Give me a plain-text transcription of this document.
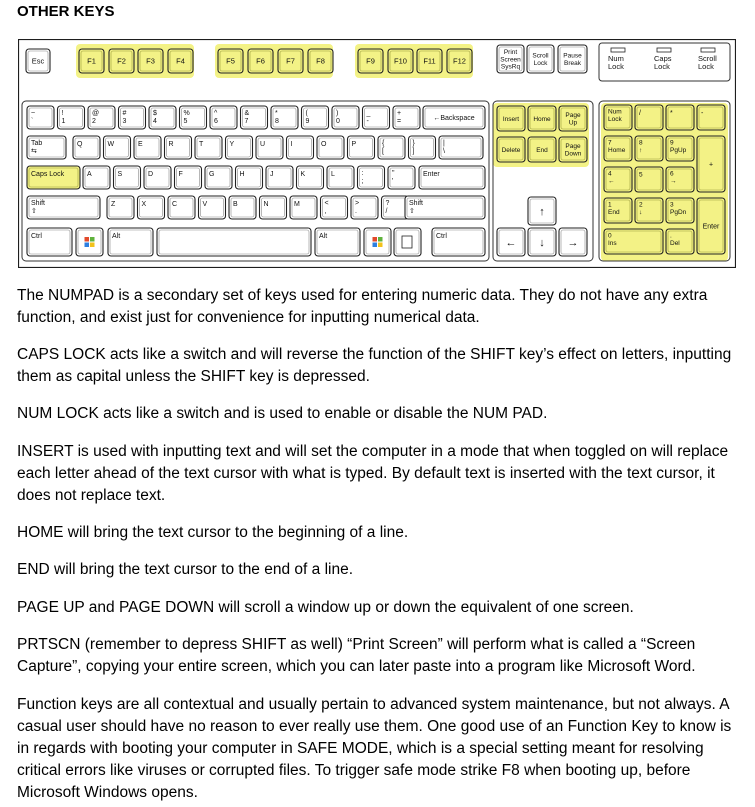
OTHER KEYS
Esc	F1	F2	F3	F4	F5	F6	F7	F8	F9	F10 F11 F12
Print
Screen
SysRq
Scroll
Lock
Pause
Break
Num
Lock
Caps
Lock
Scroll
Lock
~
`
!
1
@
2
#
3
$
4
%
5
^
6
&
7
*
8
(
9
)
0
_
-
+
=	←Backspace
Tab
⇆
Q	W	E	R	T	Y	U	I	O	P	{
[
}
]
|
\
Caps Lock	A	S	D	F	G	H	J	K	L	:
;
"
'
Enter
Shift
⇧
Z	X	C	V	B	N	M	<
,
>
.
?
/
Shift
⇧
Ctrl	Alt	Alt	Ctrl
Insert Home
Page
Up
Delete End
Page
Down
↑
← ↓ →
Num
Lock
/	*	-
7
Home
8
↑
9
PgUp
+
4
←
5	6
→
1
End
2
↓
3
PgDn
Enter
0
Ins
.
Del

The NUMPAD is a secondary set of keys used for entering numeric data. They do not have any extra function, and exist just for convenience for inputting numerical data.

CAPS LOCK acts like a switch and will reverse the function of the SHIFT key’s effect on letters, inputting them as capital unless the SHIFT key is depressed.

NUM LOCK acts like a switch and is used to enable or disable the NUM PAD.

INSERT is used with inputting text and will set the computer in a mode that when toggled on will replace each letter ahead of the text cursor with what is typed. By default text is inserted with the text cursor, it does not replace text.

HOME will bring the text cursor to the beginning of a line.

END will bring the text cursor to the end of a line.

PAGE UP and PAGE DOWN will scroll a window up or down the equivalent of one screen.

PRTSCN (remember to depress SHIFT as well) “Print Screen” will perform what is called a “Screen Capture”, copying your entire screen, which you can later paste into a program like Microsoft Word.

Function keys are all contextual and usually pertain to advanced system maintenance, but not always. A casual user should have no reason to ever really use them. One good use of an Function Key to know is in regards with booting your computer in SAFE MODE, which is a special setting meant for resolving critical errors like viruses or corrupted files. To trigger safe mode strike F8 when booting up, before Microsoft Windows opens.
